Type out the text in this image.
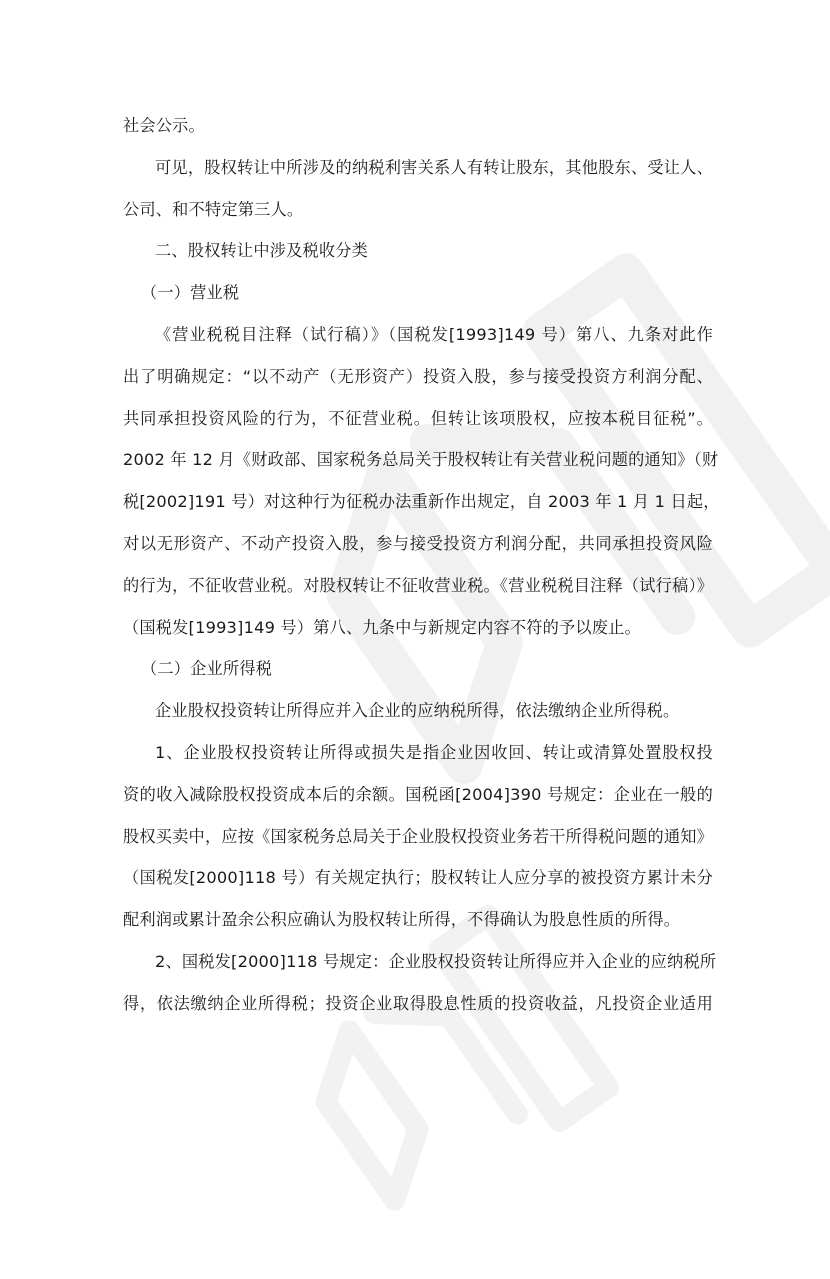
社会公示。
可见，股权转让中所涉及的纳税利害关系人有转让股东，其他股东、受让人、
公司、和不特定第三人。
二、股权转让中涉及税收分类
（一）营业税
《营业税税目注释（试行稿）》（国税发[1993]149 号）第八、九条对此作
出了明确规定：“以不动产（无形资产）投资入股，参与接受投资方利润分配、
共同承担投资风险的行为，不征营业税。但转让该项股权，应按本税目征税”。
2002 年 12 月《财政部、国家税务总局关于股权转让有关营业税问题的通知》（财
税[2002]191 号）对这种行为征税办法重新作出规定，自 2003 年 1 月 1 日起，
对以无形资产、不动产投资入股，参与接受投资方利润分配，共同承担投资风险
的行为，不征收营业税。对股权转让不征收营业税。《营业税税目注释（试行稿）》
（国税发[1993]149 号）第八、九条中与新规定内容不符的予以废止。
（二）企业所得税
企业股权投资转让所得应并入企业的应纳税所得，依法缴纳企业所得税。
1、企业股权投资转让所得或损失是指企业因收回、转让或清算处置股权投
资的收入减除股权投资成本后的余额。国税函[2004]390 号规定：企业在一般的
股权买卖中，应按《国家税务总局关于企业股权投资业务若干所得税问题的通知》
（国税发[2000]118 号）有关规定执行；股权转让人应分享的被投资方累计未分
配利润或累计盈余公积应确认为股权转让所得，不得确认为股息性质的所得。
2、国税发[2000]118 号规定：企业股权投资转让所得应并入企业的应纳税所
得，依法缴纳企业所得税；投资企业取得股息性质的投资收益，凡投资企业适用
